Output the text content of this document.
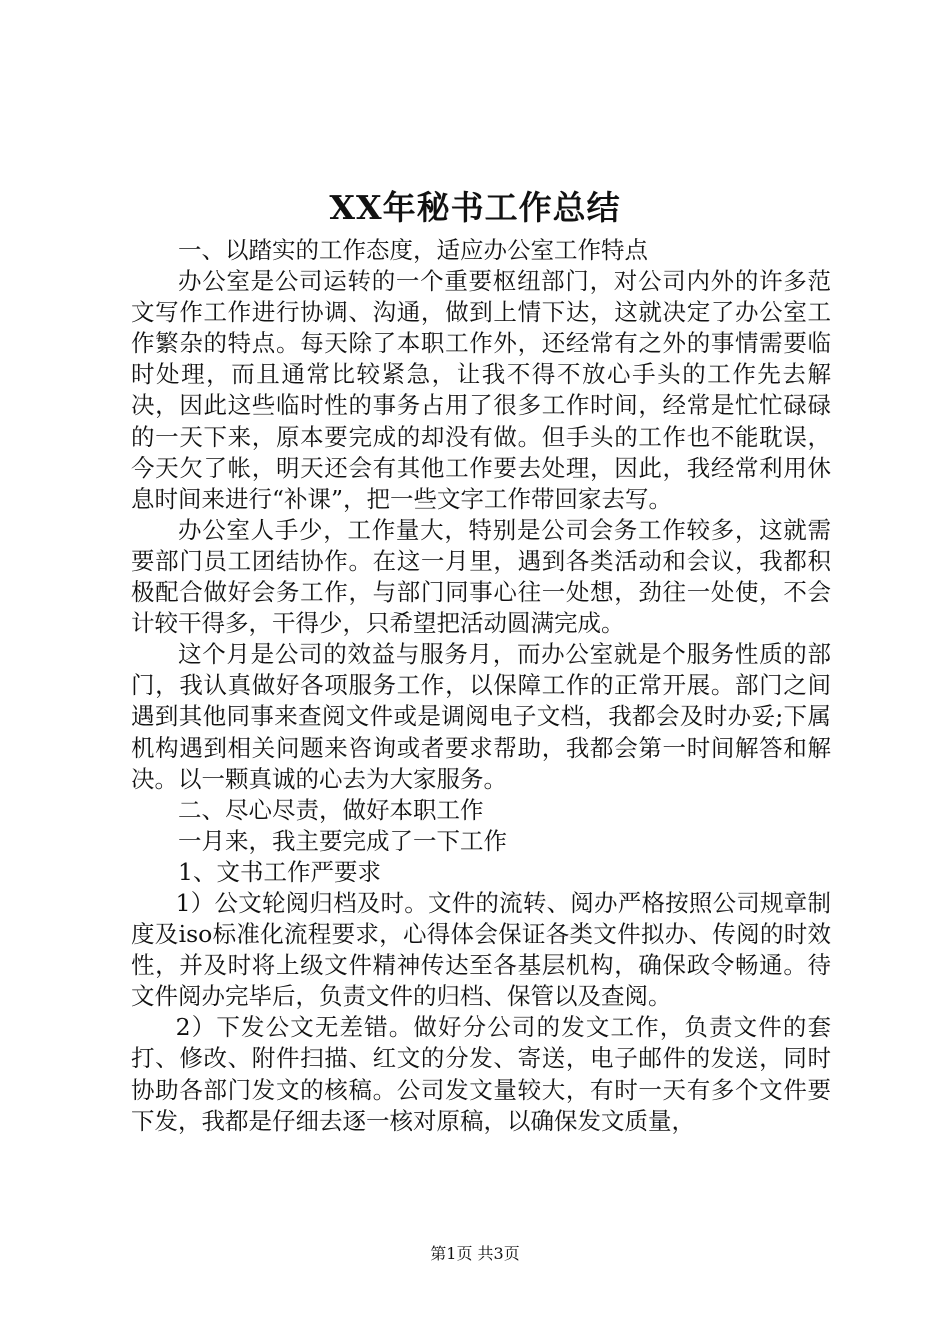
XX年秘书工作总结

一、以踏实的工作态度，适应办公室工作特点

办公室是公司运转的一个重要枢纽部门，对公司内外的许多范文写作工作进行协调、沟通，做到上情下达，这就决定了办公室工作繁杂的特点。每天除了本职工作外，还经常有之外的事情需要临时处理，而且通常比较紧急，让我不得不放心手头的工作先去解决，因此这些临时性的事务占用了很多工作时间，经常是忙忙碌碌的一天下来，原本要完成的却没有做。但手头的工作也不能耽误，今天欠了帐，明天还会有其他工作要去处理，因此，我经常利用休息时间来进行“补课”，把一些文字工作带回家去写。

办公室人手少，工作量大，特别是公司会务工作较多，这就需要部门员工团结协作。在这一月里，遇到各类活动和会议，我都积极配合做好会务工作，与部门同事心往一处想，劲往一处使，不会计较干得多，干得少，只希望把活动圆满完成。

这个月是公司的效益与服务月，而办公室就是个服务性质的部门，我认真做好各项服务工作，以保障工作的正常开展。部门之间遇到其他同事来查阅文件或是调阅电子文档，我都会及时办妥;下属机构遇到相关问题来咨询或者要求帮助，我都会第一时间解答和解决。以一颗真诚的心去为大家服务。

二、尽心尽责，做好本职工作

一月来，我主要完成了一下工作

1、文书工作严要求

1）公文轮阅归档及时。文件的流转、阅办严格按照公司规章制度及iso标准化流程要求，心得体会保证各类文件拟办、传阅的时效性，并及时将上级文件精神传达至各基层机构，确保政令畅通。待文件阅办完毕后，负责文件的归档、保管以及查阅。

2）下发公文无差错。做好分公司的发文工作，负责文件的套打、修改、附件扫描、红文的分发、寄送，电子邮件的发送，同时协助各部门发文的核稿。公司发文量较大，有时一天有多个文件要下发，我都是仔细去逐一核对原稿，以确保发文质量，

第1页 共3页
